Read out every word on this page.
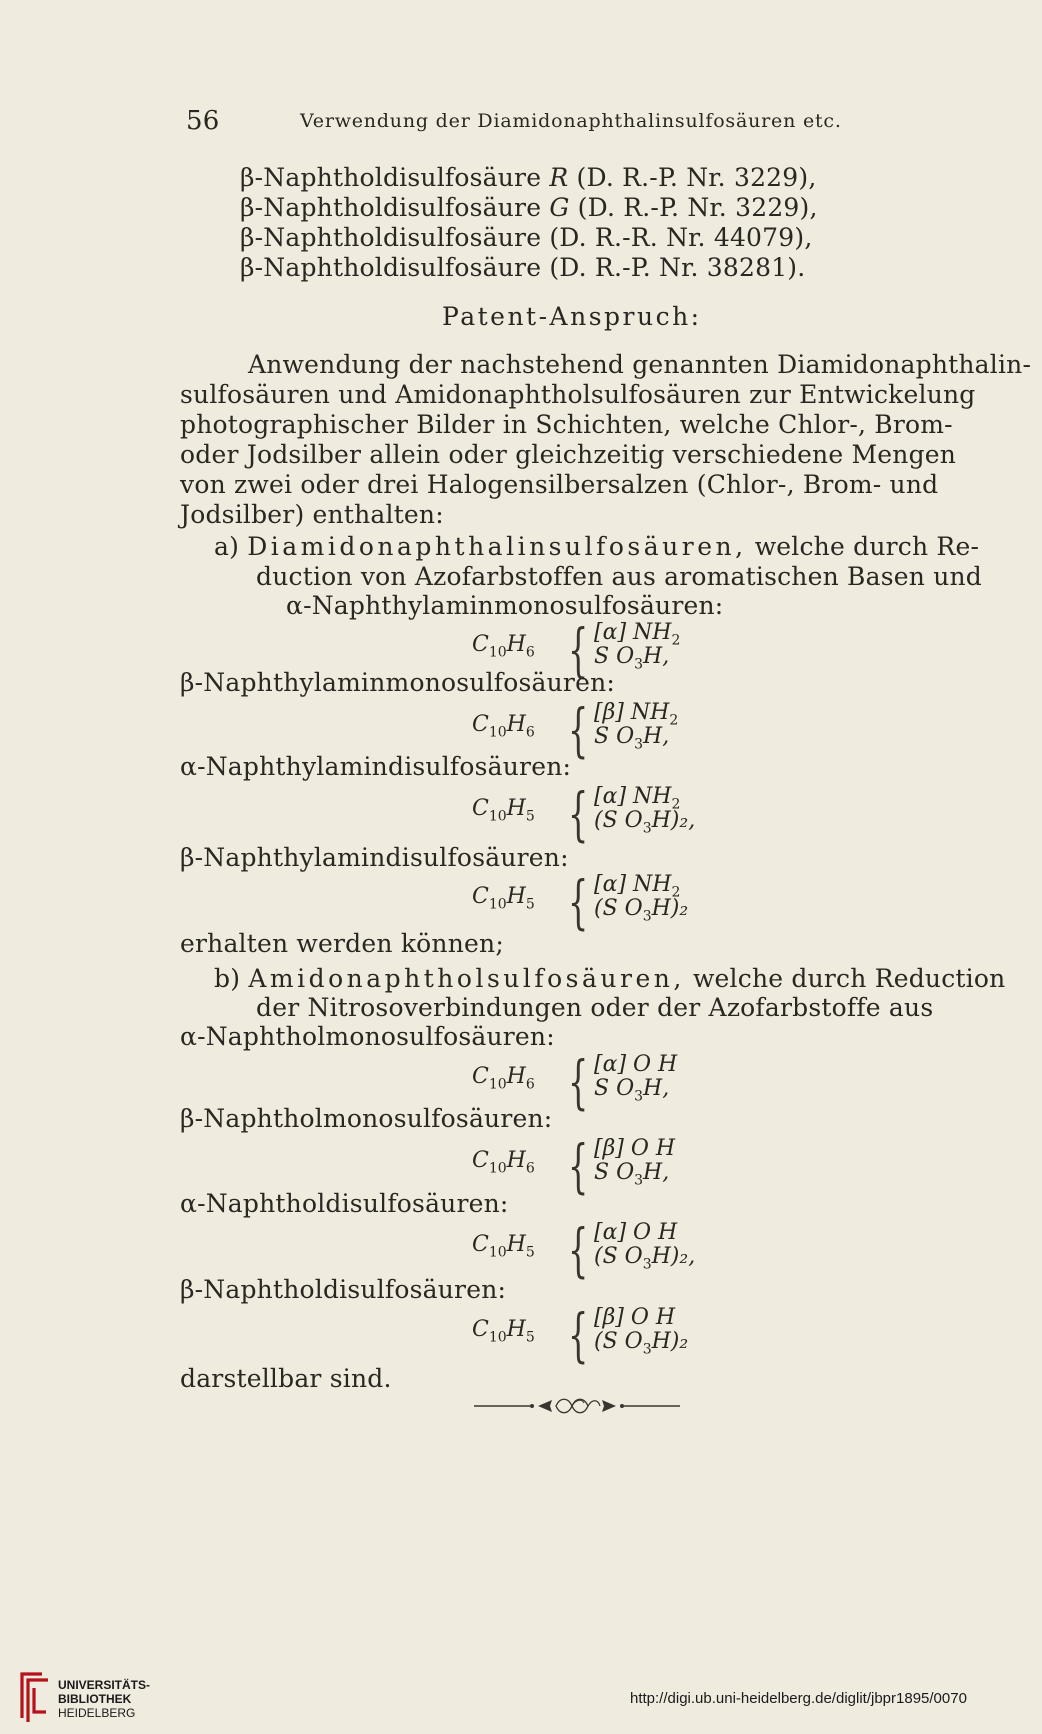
56	Verwendung der Diamidonaphthalinsulfosäuren etc.
β-Naphtholdisulfosäure R (D. R.-P. Nr. 3229),
β-Naphtholdisulfosäure G (D. R.-P. Nr. 3229),
β-Naphtholdisulfosäure (D. R.-R. Nr. 44079),
β-Naphtholdisulfosäure (D. R.-P. Nr. 38281).
Patent-Anspruch:
Anwendung der nachstehend genannten Diamidonaphthalin-
sulfosäuren und Amidonaphtholsulfosäuren zur Entwickelung
photographischer Bilder in Schichten, welche Chlor-, Brom-
oder Jodsilber allein oder gleichzeitig verschiedene Mengen
von zwei oder drei Halogensilbersalzen (Chlor-, Brom- und
Jodsilber) enthalten:
a) Diamidonaphthalinsulfosäuren, welche durch Re-
duction von Azofarbstoffen aus aromatischen Basen und
α-Naphthylaminmonosulfosäuren:
$C_{10}H_6$ { [α] $NH_2$
S $O_3H$,
β-Naphthylaminmonosulfosäuren:
$C_{10}H_6$ { [β] $NH_2$
S $O_3H$,
α-Naphthylamindisulfosäuren:
$C_{10}H_5$ { [α] $NH_2$
(S $O_3H)_2$,
β-Naphthylamindisulfosäuren:
$C_{10}H_5$ { [α] $NH_2$
(S $O_3H)_2$
erhalten werden können;
b) Amidonaphtholsulfosäuren, welche durch Reduction
der Nitrosoverbindungen oder der Azofarbstoffe aus
α-Naphtholmonosulfosäuren:
$C_{10}H_6$ { [α] O H
S $O_3H$,
β-Naphtholmonosulfosäuren:
$C_{10}H_6$ { [β] O H
S $O_3H$,
α-Naphtholdisulfosäuren:
$C_{10}H_5$ { [α] O H
(S $O_3H)_2$,
β-Naphtholdisulfosäuren:
$C_{10}H_5$ { [β] O H
(S $O_3H)_2$
darstellbar sind.
UNIVERSITÄTS-
BIBLIOTHEK
HEIDELBERG
http://digi.ub.uni-heidelberg.de/diglit/jbpr1895/0070
